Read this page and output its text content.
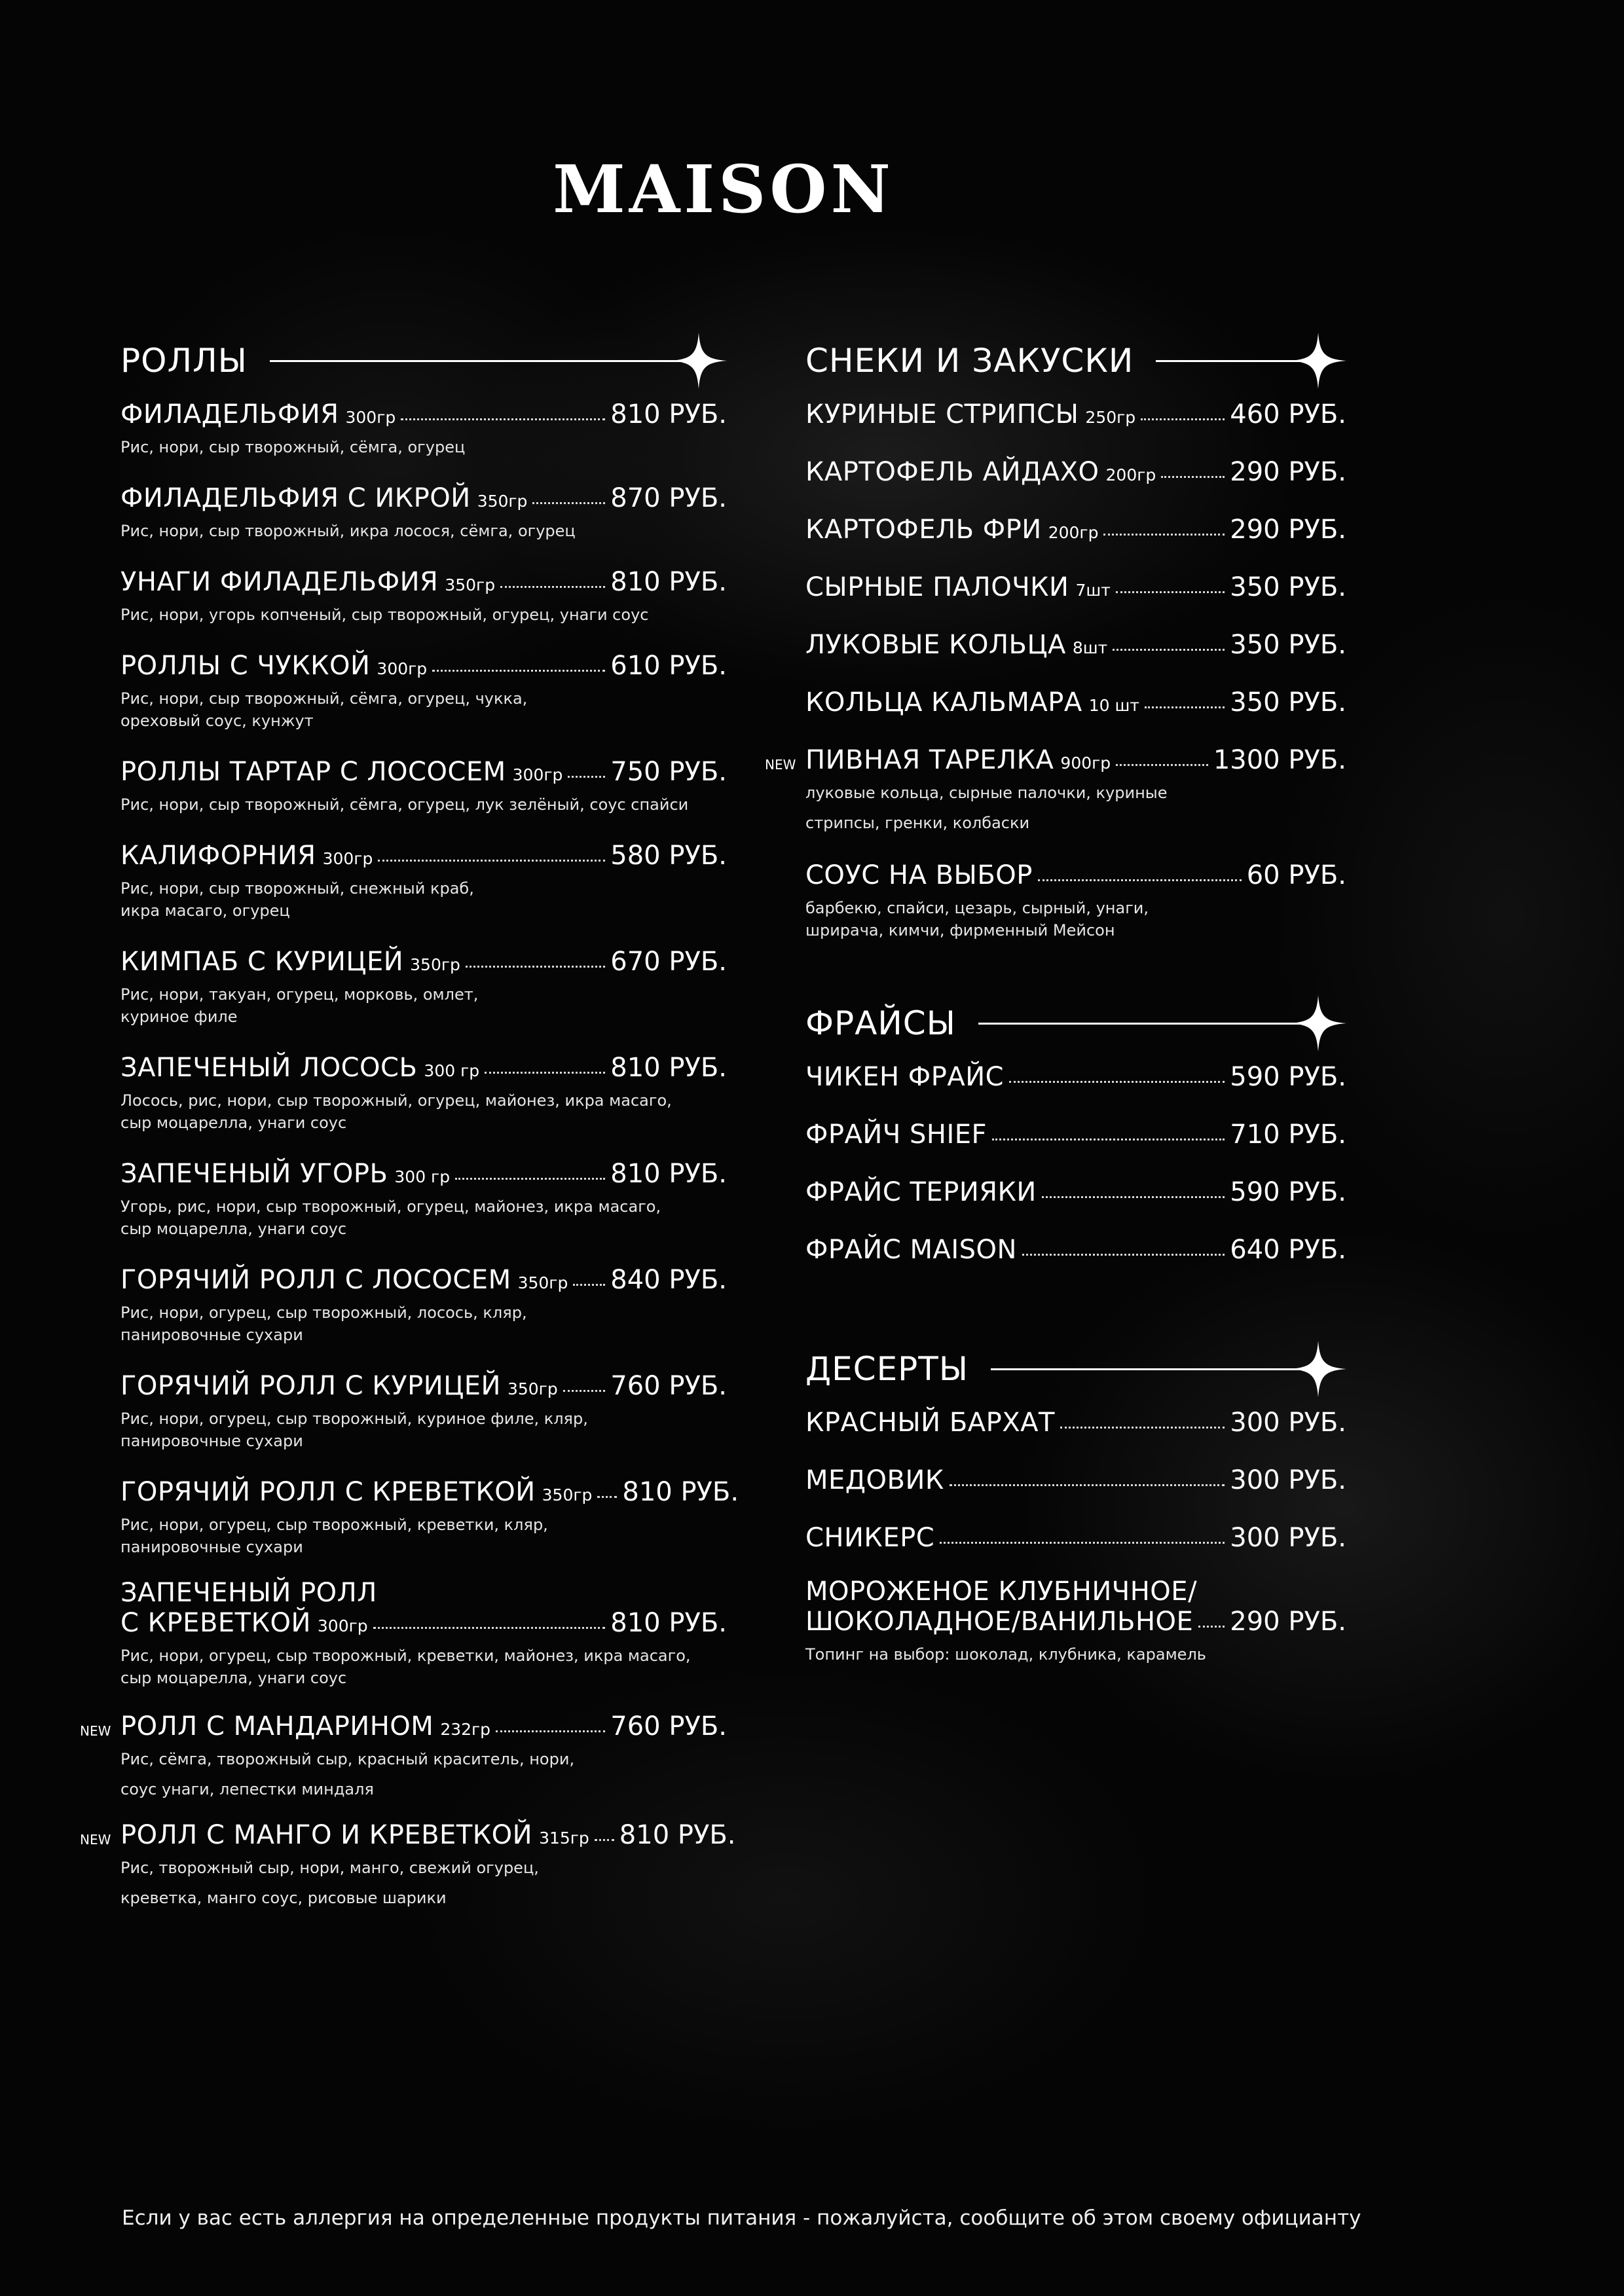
MAISON
РОЛЛЫ
ФИЛАДЕЛЬФИЯ 300гр	810 РУБ.
Рис, нори, сыр творожный, сёмга, огурец
ФИЛАДЕЛЬФИЯ С ИКРОЙ 350гр	870 РУБ.
Рис, нори, сыр творожный, икра лосося, сёмга, огурец
УНАГИ ФИЛАДЕЛЬФИЯ 350гр	810 РУБ.
Рис, нори, угорь копченый, сыр творожный, огурец, унаги соус
РОЛЛЫ С ЧУККОЙ 300гр	610 РУБ.
Рис, нори, сыр творожный, сёмга, огурец, чукка,
ореховый соус, кунжут
РОЛЛЫ ТАРТАР С ЛОСОСЕМ 300гр 750 РУБ.
Рис, нори, сыр творожный, сёмга, огурец, лук зелёный, соус спайси
КАЛИФОРНИЯ 300гр	580 РУБ.
Рис, нори, сыр творожный, снежный краб,
икра масаго, огурец
КИМПАБ С КУРИЦЕЙ 350гр	670 РУБ.
Рис, нори, такуан, огурец, морковь, омлет,
куриное филе
ЗАПЕЧЕНЫЙ ЛОСОСЬ 300 гр	810 РУБ.
Лосось, рис, нори, сыр творожный, огурец, майонез, икра масаго,
сыр моцарелла, унаги соус
ЗАПЕЧЕНЫЙ УГОРЬ 300 гр	810 РУБ.
Угорь, рис, нори, сыр творожный, огурец, майонез, икра масаго,
сыр моцарелла, унаги соус
ГОРЯЧИЙ РОЛЛ С ЛОСОСЕМ 350гр 840 РУБ.
Рис, нори, огурец, сыр творожный, лосось, кляр,
панировочные сухари
ГОРЯЧИЙ РОЛЛ С КУРИЦЕЙ 350гр 760 РУБ.
Рис, нори, огурец, сыр творожный, куриное филе, кляр,
панировочные сухари
ГОРЯЧИЙ РОЛЛ С КРЕВЕТКОЙ 350гр 810 РУБ.
Рис, нори, огурец, сыр творожный, креветки, кляр,
панировочные сухари
ЗАПЕЧЕНЫЙ РОЛЛ
С КРЕВЕТКОЙ 300гр	810 РУБ.
Рис, нори, огурец, сыр творожный, креветки, майонез, икра масаго,
сыр моцарелла, унаги соус
NEW РОЛЛ С МАНДАРИНОМ 232гр	760 РУБ.
Рис, сёмга, творожный сыр, красный краситель, нори,
соус унаги, лепестки миндаля
NEW РОЛЛ С МАНГО И КРЕВЕТКОЙ 315гр 810 РУБ.
Рис, творожный сыр, нори, манго, свежий огурец,
креветка, манго соус, рисовые шарики
СНЕКИ И ЗАКУСКИ
КУРИНЫЕ СТРИПСЫ 250гр	460 РУБ.
КАРТОФЕЛЬ АЙДАХО 200гр	290 РУБ.
КАРТОФЕЛЬ ФРИ 200гр	290 РУБ.
СЫРНЫЕ ПАЛОЧКИ 7шт	350 РУБ.
ЛУКОВЫЕ КОЛЬЦА 8шт	350 РУБ.
КОЛЬЦА КАЛЬМАРА 10 шт	350 РУБ.
NEW ПИВНАЯ ТАРЕЛКА 900гр	1300 РУБ.
луковые кольца, сырные палочки, куриные
стрипсы, гренки, колбаски
СОУС НА ВЫБОР	60 РУБ.
барбекю, спайси, цезарь, сырный, унаги,
шрирача, кимчи, фирменный Мейсон
ФРАЙСЫ
ЧИКЕН ФРАЙС	590 РУБ.
ФРАЙЧ SHIEF	710 РУБ.
ФРАЙС ТЕРИЯКИ	590 РУБ.
ФРАЙС MAISON	640 РУБ.
ДЕСЕРТЫ
КРАСНЫЙ БАРХАТ	300 РУБ.
МЕДОВИК	300 РУБ.
СНИКЕРС	300 РУБ.
МОРОЖЕНОЕ КЛУБНИЧНОЕ/
ШОКОЛАДНОЕ/ВАНИЛЬНОЕ 290 РУБ.
Топинг на выбор: шоколад, клубника, карамель
Если у вас есть аллергия на определенные продукты питания - пожалуйста, сообщите об этом своему официанту
